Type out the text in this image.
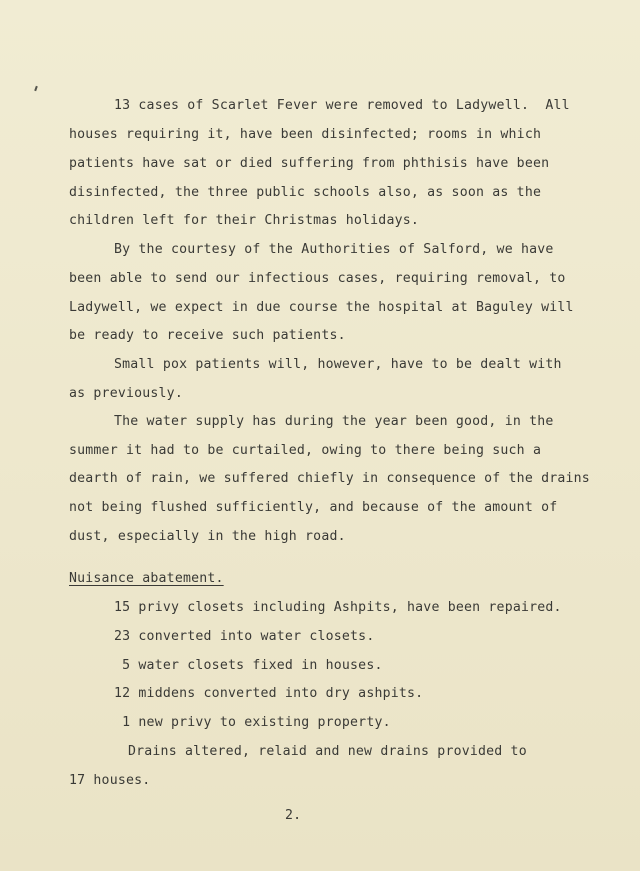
13 cases of Scarlet Fever were removed to Ladywell.  All
houses requiring it, have been disinfected; rooms in which
patients have sat or died suffering from phthisis have been
disinfected, the three public schools also, as soon as the
children left for their Christmas holidays.
By the courtesy of the Authorities of Salford, we have
been able to send our infectious cases, requiring removal, to
Ladywell, we expect in due course the hospital at Baguley will
be ready to receive such patients.
Small pox patients will, however, have to be dealt with
as previously.
The water supply has during the year been good, in the
summer it had to be curtailed, owing to there being such a
dearth of rain, we suffered chiefly in consequence of the drains
not being flushed sufficiently, and because of the amount of
dust, especially in the high road.
Nuisance abatement.
15 privy closets including Ashpits, have been repaired.
23 converted into water closets.
5 water closets fixed in houses.
12 middens converted into dry ashpits.
1 new privy to existing property.
Drains altered, relaid and new drains provided to
17 houses.
2.
